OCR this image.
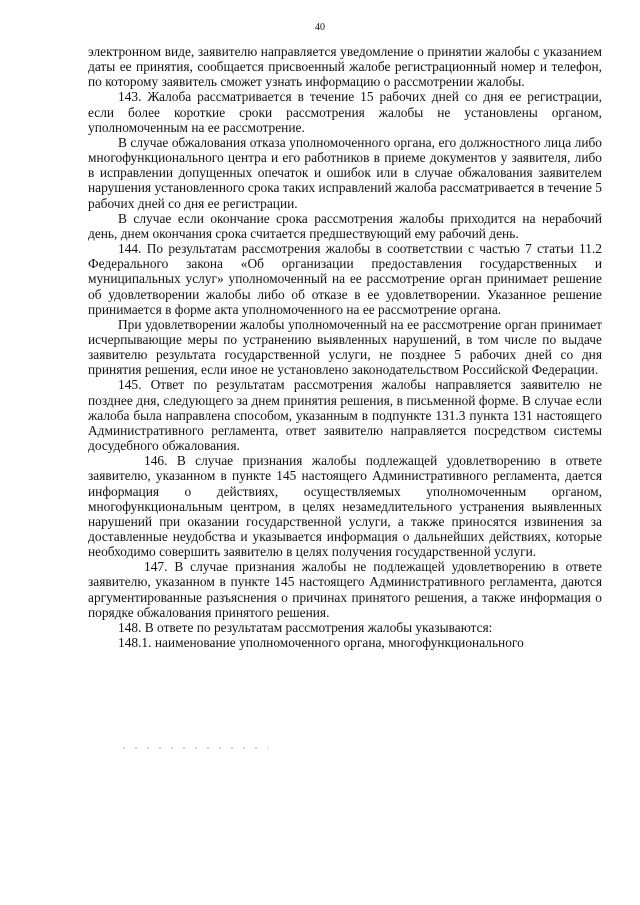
40

электронном виде, заявителю направляется уведомление о принятии жалобы с указанием даты ее принятия, сообщается присвоенный жалобе регистрационный номер и телефон, по которому заявитель сможет узнать информацию о рассмотрении жалобы.

143. Жалоба рассматривается в течение 15 рабочих дней со дня ее регистрации, если более короткие сроки рассмотрения жалобы не установлены органом, уполномоченным на ее рассмотрение.

В случае обжалования отказа уполномоченного органа, его должностного лица либо многофункционального центра и его работников в приеме документов у заявителя, либо в исправлении допущенных опечаток и ошибок или в случае обжалования заявителем нарушения установленного срока таких исправлений жалоба рассматривается в течение 5 рабочих дней со дня ее регистрации.

В случае если окончание срока рассмотрения жалобы приходится на нерабочий день, днем окончания срока считается предшествующий ему рабочий день.

144. По результатам рассмотрения жалобы в соответствии с частью 7 статьи 11.2 Федерального закона «Об организации предоставления государственных и муниципальных услуг» уполномоченный на ее рассмотрение орган принимает решение об удовлетворении жалобы либо об отказе в ее удовлетворении. Указанное решение принимается в форме акта уполномоченного на ее рассмотрение органа.

При удовлетворении жалобы уполномоченный на ее рассмотрение орган принимает исчерпывающие меры по устранению выявленных нарушений, в том числе по выдаче заявителю результата государственной услуги, не позднее 5 рабочих дней со дня принятия решения, если иное не установлено законодательством Российской Федерации.

145. Ответ по результатам рассмотрения жалобы направляется заявителю не позднее дня, следующего за днем принятия решения, в письменной форме. В случае если жалоба была направлена способом, указанным в подпункте 131.3 пункта 131 настоящего Административного регламента, ответ заявителю направляется посредством системы досудебного обжалования.

146. В случае признания жалобы подлежащей удовлетворению в ответе заявителю, указанном в пункте 145 настоящего Административного регламента, дается информация о действиях, осуществляемых уполномоченным органом, многофункциональным центром, в целях незамедлительного устранения выявленных нарушений при оказании государственной услуги, а также приносятся извинения за доставленные неудобства и указывается информация о дальнейших действиях, которые необходимо совершить заявителю в целях получения государственной услуги.

147. В случае признания жалобы не подлежащей удовлетворению в ответе заявителю, указанном в пункте 145 настоящего Административного регламента, даются аргументированные разъяснения о причинах принятого решения, а также информация о порядке обжалования принятого решения.

148. В ответе по результатам рассмотрения жалобы указываются:

148.1. наименование уполномоченного органа, многофункционального
